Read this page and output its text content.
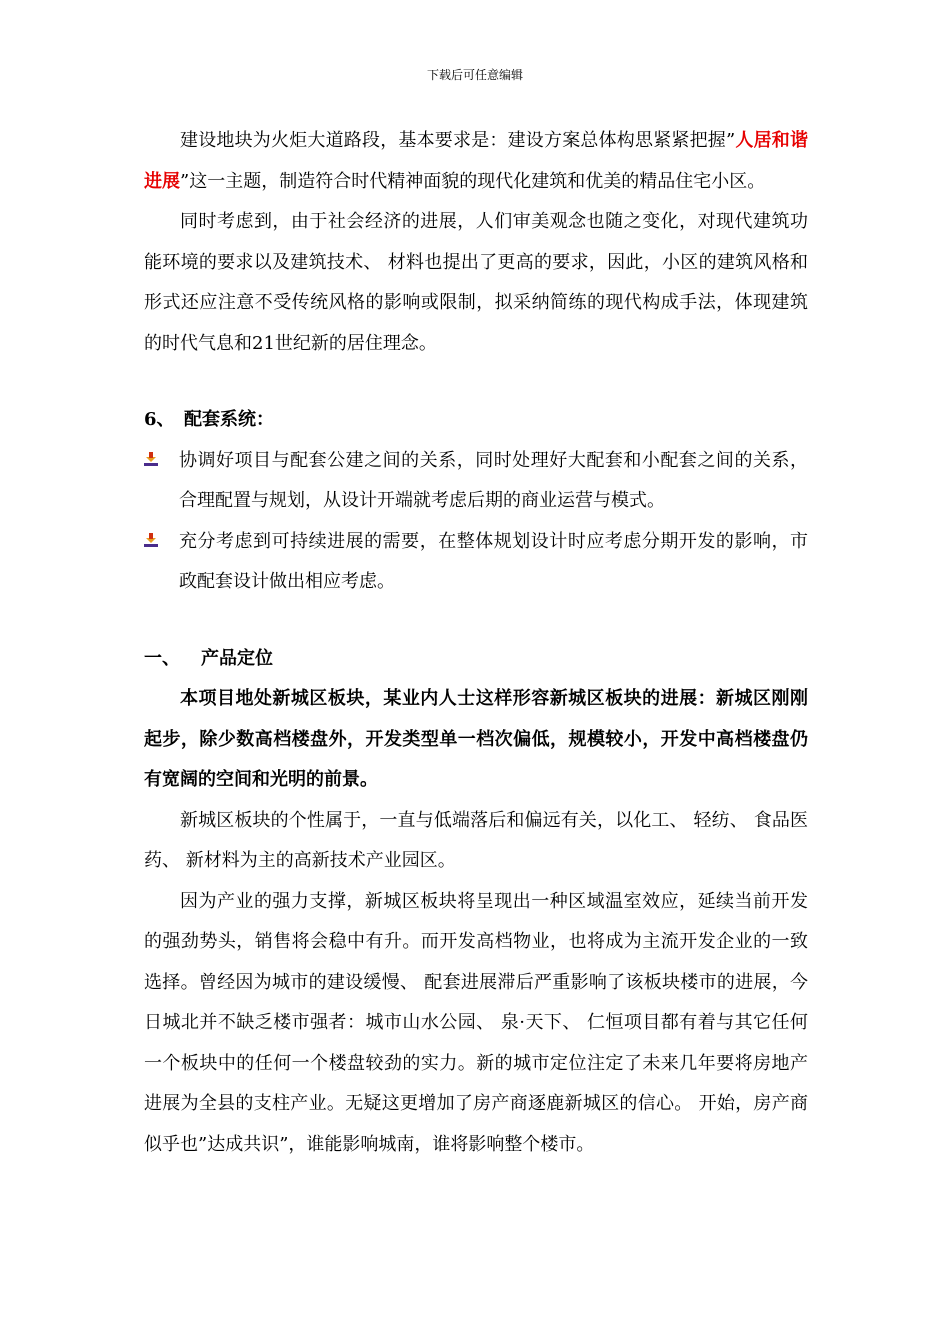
下载后可任意编辑

建设地块为火炬大道路段，基本要求是：建设方案总体构思紧紧把握”人居和谐进展”这一主题，制造符合时代精神面貌的现代化建筑和优美的精品住宅小区。

同时考虑到，由于社会经济的进展，人们审美观念也随之变化，对现代建筑功能环境的要求以及建筑技术、 材料也提出了更高的要求，因此，小区的建筑风格和形式还应注意不受传统风格的影响或限制，拟采纳简练的现代构成手法，体现建筑的时代气息和21世纪新的居住理念。

6、 配套系统：

协调好项目与配套公建之间的关系，同时处理好大配套和小配套之间的关系，合理配置与规划，从设计开端就考虑后期的商业运营与模式。

充分考虑到可持续进展的需要，在整体规划设计时应考虑分期开发的影响，市政配套设计做出相应考虑。

一、 产品定位

本项目地处新城区板块，某业内人士这样形容新城区板块的进展：新城区刚刚起步，除少数高档楼盘外，开发类型单一档次偏低，规模较小，开发中高档楼盘仍有宽阔的空间和光明的前景。

新城区板块的个性属于，一直与低端落后和偏远有关，以化工、 轻纺、 食品医药、 新材料为主的高新技术产业园区。

因为产业的强力支撑，新城区板块将呈现出一种区域温室效应，延续当前开发的强劲势头，销售将会稳中有升。而开发高档物业，也将成为主流开发企业的一致选择。曾经因为城市的建设缓慢、 配套进展滞后严重影响了该板块楼市的进展，今日城北并不缺乏楼市强者：城市山水公园、 泉·天下、 仁恒项目都有着与其它任何一个板块中的任何一个楼盘较劲的实力。新的城市定位注定了未来几年要将房地产进展为全县的支柱产业。无疑这更增加了房产商逐鹿新城区的信心。 开始，房产商似乎也”达成共识”，谁能影响城南，谁将影响整个楼市。
